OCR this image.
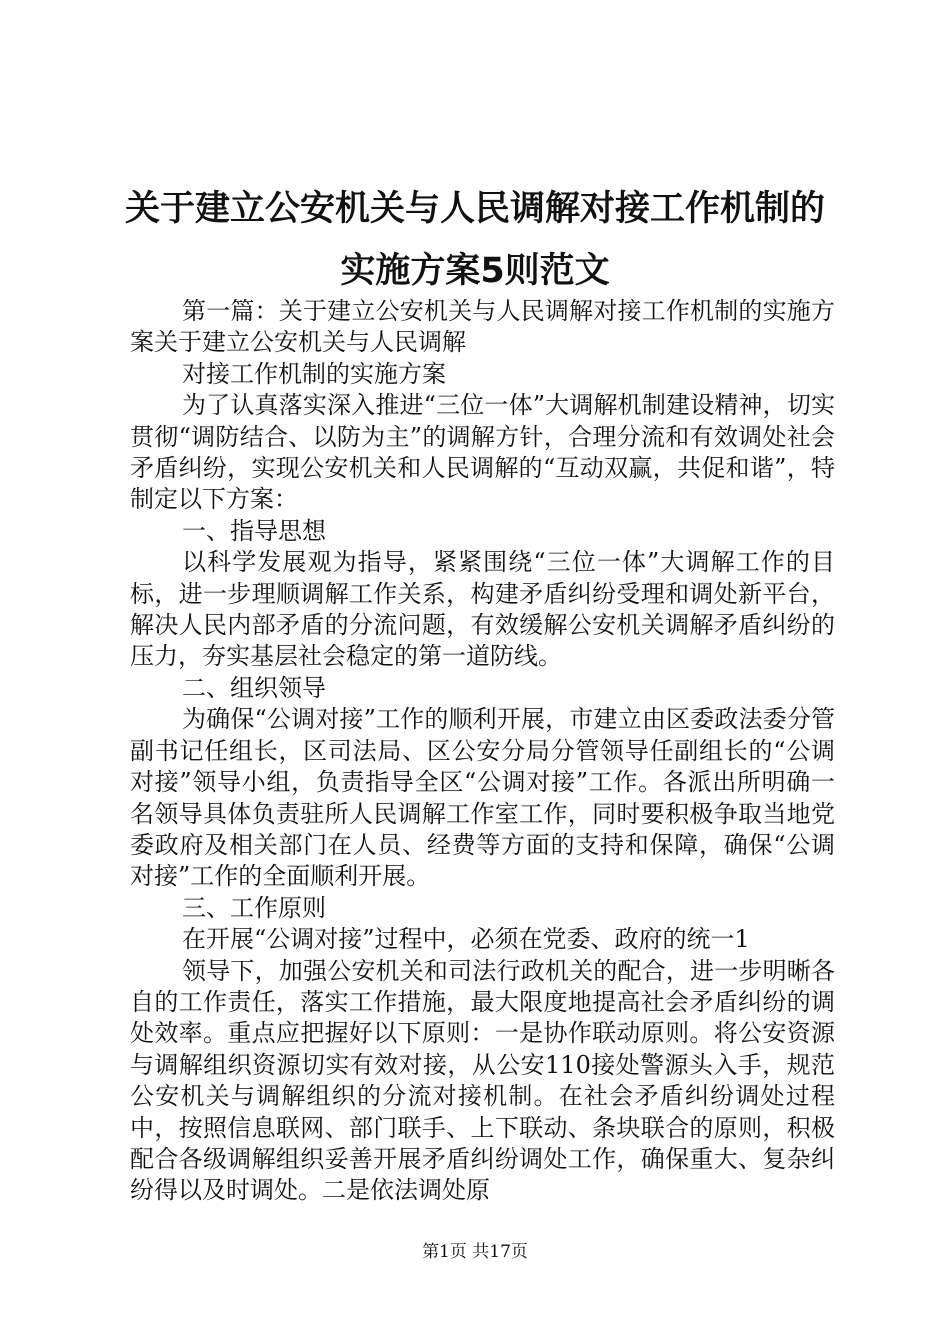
关于建立公安机关与人民调解对接工作机制的
实施方案5则范文

第一篇：关于建立公安机关与人民调解对接工作机制的实施方案关于建立公安机关与人民调解

对接工作机制的实施方案

为了认真落实深入推进“三位一体”大调解机制建设精神，切实贯彻“调防结合、以防为主”的调解方针，合理分流和有效调处社会矛盾纠纷，实现公安机关和人民调解的“互动双赢，共促和谐”，特制定以下方案：

一、指导思想

以科学发展观为指导，紧紧围绕“三位一体”大调解工作的目标，进一步理顺调解工作关系，构建矛盾纠纷受理和调处新平台，解决人民内部矛盾的分流问题，有效缓解公安机关调解矛盾纠纷的压力，夯实基层社会稳定的第一道防线。

二、组织领导

为确保“公调对接”工作的顺利开展，市建立由区委政法委分管副书记任组长，区司法局、区公安分局分管领导任副组长的“公调对接”领导小组，负责指导全区“公调对接”工作。各派出所明确一名领导具体负责驻所人民调解工作室工作，同时要积极争取当地党委政府及相关部门在人员、经费等方面的支持和保障，确保“公调对接”工作的全面顺利开展。

三、工作原则

在开展“公调对接”过程中，必须在党委、政府的统一1

领导下，加强公安机关和司法行政机关的配合，进一步明晰各自的工作责任，落实工作措施，最大限度地提高社会矛盾纠纷的调处效率。重点应把握好以下原则：一是协作联动原则。将公安资源与调解组织资源切实有效对接，从公安110接处警源头入手，规范公安机关与调解组织的分流对接机制。在社会矛盾纠纷调处过程中，按照信息联网、部门联手、上下联动、条块联合的原则，积极配合各级调解组织妥善开展矛盾纠纷调处工作，确保重大、复杂纠纷得以及时调处。二是依法调处原

第1页 共17页
